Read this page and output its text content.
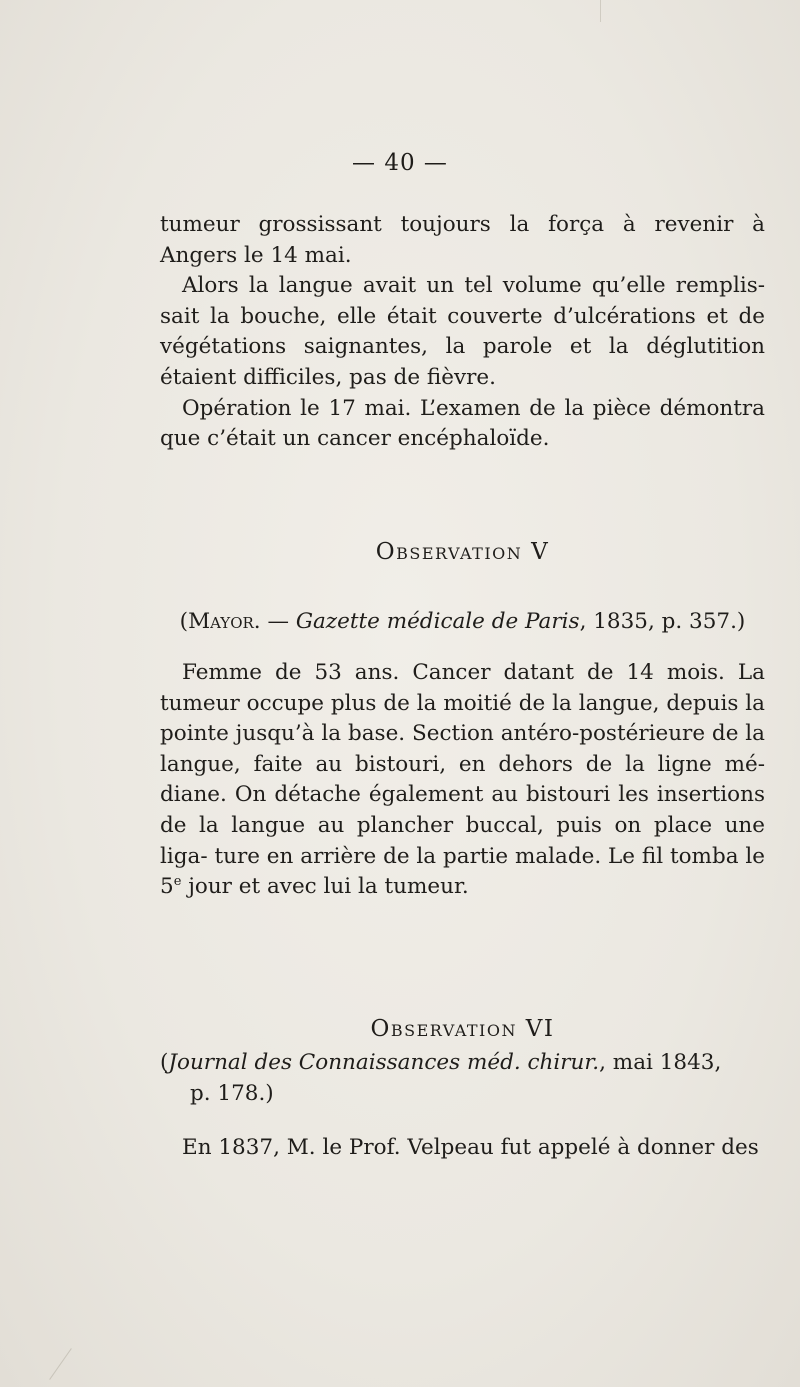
— 40 —

tumeur grossissant toujours la força à revenir à Angers le 14 mai.

Alors la langue avait un tel volume qu’elle remplis- sait la bouche, elle était couverte d’ulcérations et de végétations saignantes, la parole et la déglutition étaient difficiles, pas de fièvre.

Opération le 17 mai. L’examen de la pièce démontra que c’était un cancer encéphaloïde.

Observation V
(Mayor. — Gazette médicale de Paris, 1835, p. 357.)

Femme de 53 ans. Cancer datant de 14 mois. La tumeur occupe plus de la moitié de la langue, depuis la pointe jusqu’à la base. Section antéro-postérieure de la langue, faite au bistouri, en dehors de la ligne mé- diane. On détache également au bistouri les insertions de la langue au plancher buccal, puis on place une liga- ture en arrière de la partie malade. Le fil tomba le 5e jour et avec lui la tumeur.

Observation VI

(Journal des Connaissances méd. chirur., mai 1843,

p. 178.)

En 1837, M. le Prof. Velpeau fut appelé à donner des
